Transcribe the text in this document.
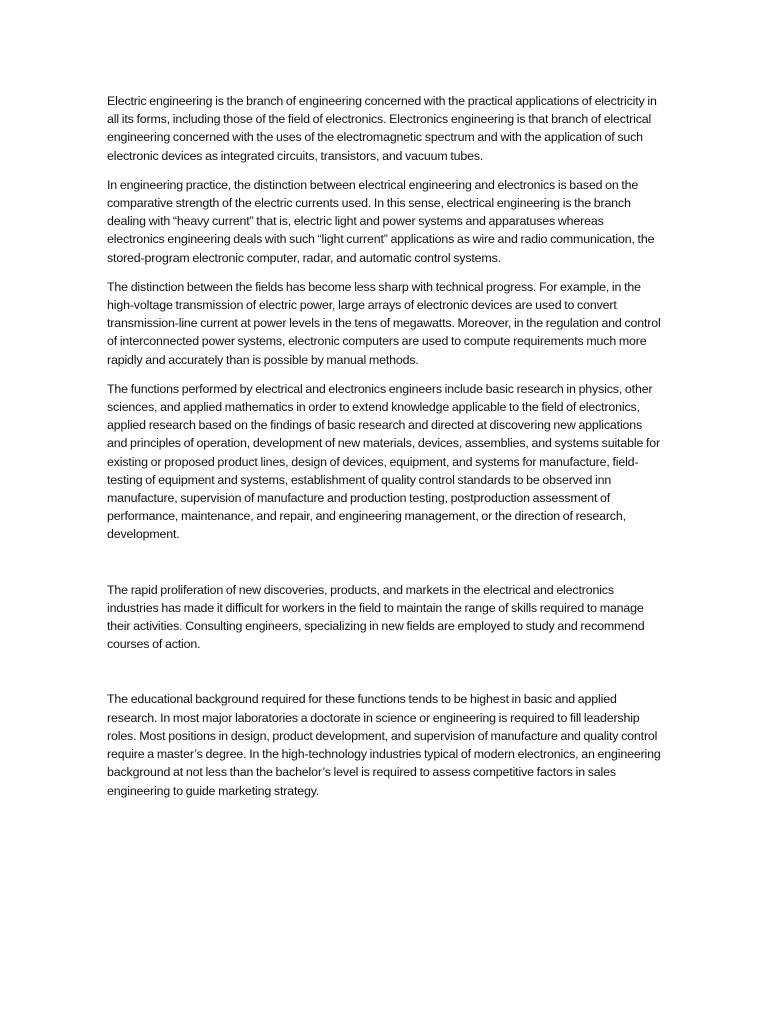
Electric engineering is the branch of engineering concerned with the practical applications of electricity in all its forms, including those of the field of electronics. Electronics engineering is that branch of electrical engineering concerned with the uses of the electromagnetic spectrum and with the application of such electronic devices as integrated circuits, transistors, and vacuum tubes.

In engineering practice, the distinction between electrical engineering and electronics is based on the comparative strength of the electric currents used. In this sense, electrical engineering is the branch dealing with “heavy current” that is, electric light and power systems and apparatuses whereas electronics engineering deals with such “light current” applications as wire and radio communication, the stored-program electronic computer, radar, and automatic control systems.

The distinction between the fields has become less sharp with technical progress. For example, in the high-voltage transmission of electric power, large arrays of electronic devices are used to convert transmission-line current at power levels in the tens of megawatts. Moreover, in the regulation and control of interconnected power systems, electronic computers are used to compute requirements much more rapidly and accurately than is possible by manual methods.

The functions performed by electrical and electronics engineers include basic research in physics, other sciences, and applied mathematics in order to extend knowledge applicable to the field of electronics, applied research based on the findings of basic research and directed at discovering new applications and principles of operation, development of new materials, devices, assemblies, and systems suitable for existing or proposed product lines, design of devices, equipment, and systems for manufacture, field-testing of equipment and systems, establishment of quality control standards to be observed inn manufacture, supervision of manufacture and production testing, postproduction assessment of performance, maintenance, and repair, and engineering management, or the direction of research, development.

The rapid proliferation of new discoveries, products, and markets in the electrical and electronics industries has made it difficult for workers in the field to maintain the range of skills required to manage their activities. Consulting engineers, specializing in new fields are employed to study and recommend courses of action.

The educational background required for these functions tends to be highest in basic and applied research. In most major laboratories a doctorate in science or engineering is required to fill leadership roles. Most positions in design, product development, and supervision of manufacture and quality control require a master’s degree. In the high-technology industries typical of modern electronics, an engineering background at not less than the bachelor’s level is required to assess competitive factors in sales engineering to guide marketing strategy.
